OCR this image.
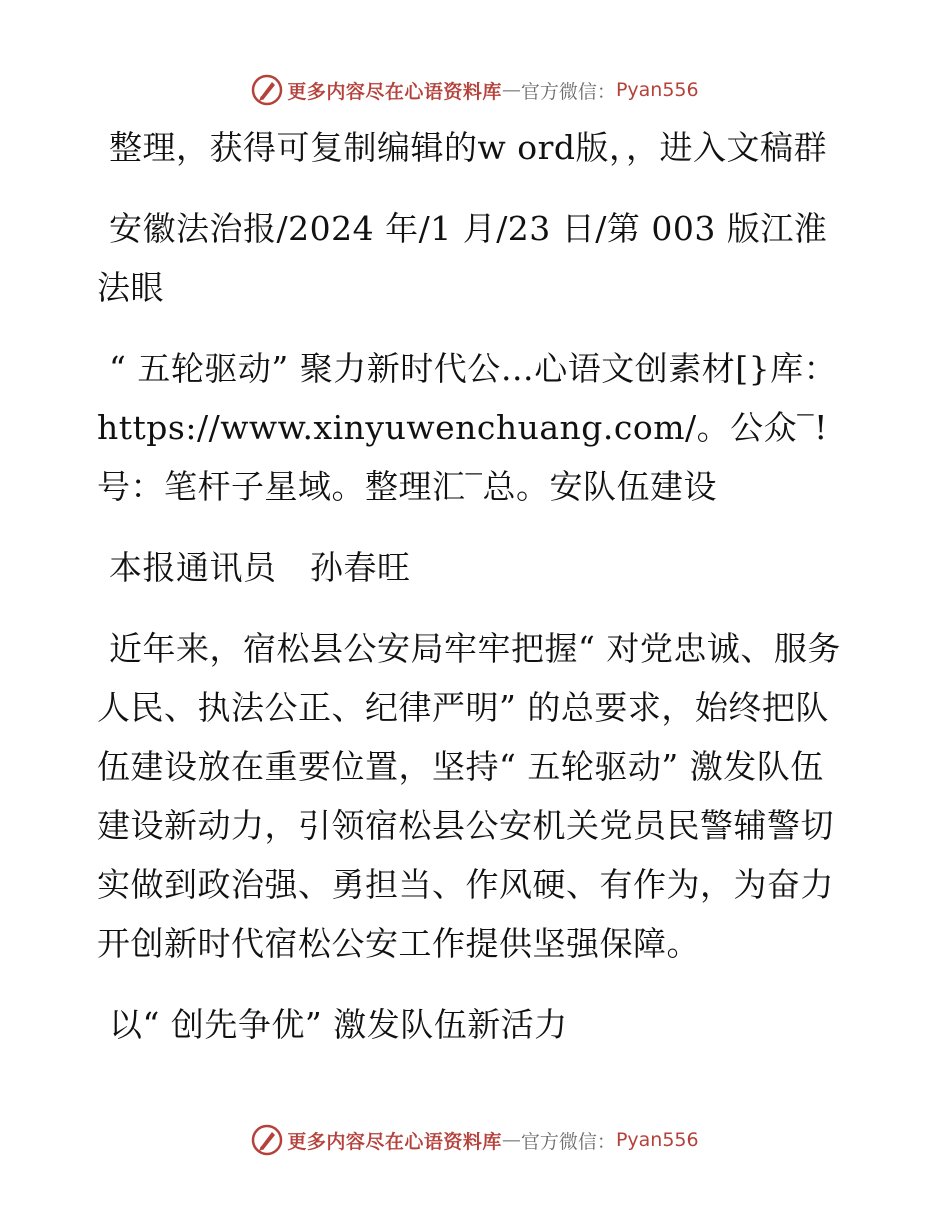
更多内容尽在心语资料库 — 官方微信： Pyan556

整理，获得可复制编辑的w ord版，，进入文稿群

安徽法治报/2024 年/1 月/23 日/第 003 版江淮法眼

“ 五轮驱动” 聚力新时代公…心语文创素材[}库：https://www.xinyuwenchuang.com/。公众‾!号：笔杆子星域。整理汇‾总。安队伍建设

本报通讯员　孙春旺

近年来，宿松县公安局牢牢把握“ 对党忠诚、服务人民、执法公正、纪律严明” 的总要求，始终把队伍建设放在重要位置，坚持“ 五轮驱动” 激发队伍建设新动力，引领宿松县公安机关党员民警辅警切实做到政治强、勇担当、作风硬、有作为，为奋力开创新时代宿松公安工作提供坚强保障。

以“ 创先争优” 激发队伍新活力

更多内容尽在心语资料库 — 官方微信： Pyan556
